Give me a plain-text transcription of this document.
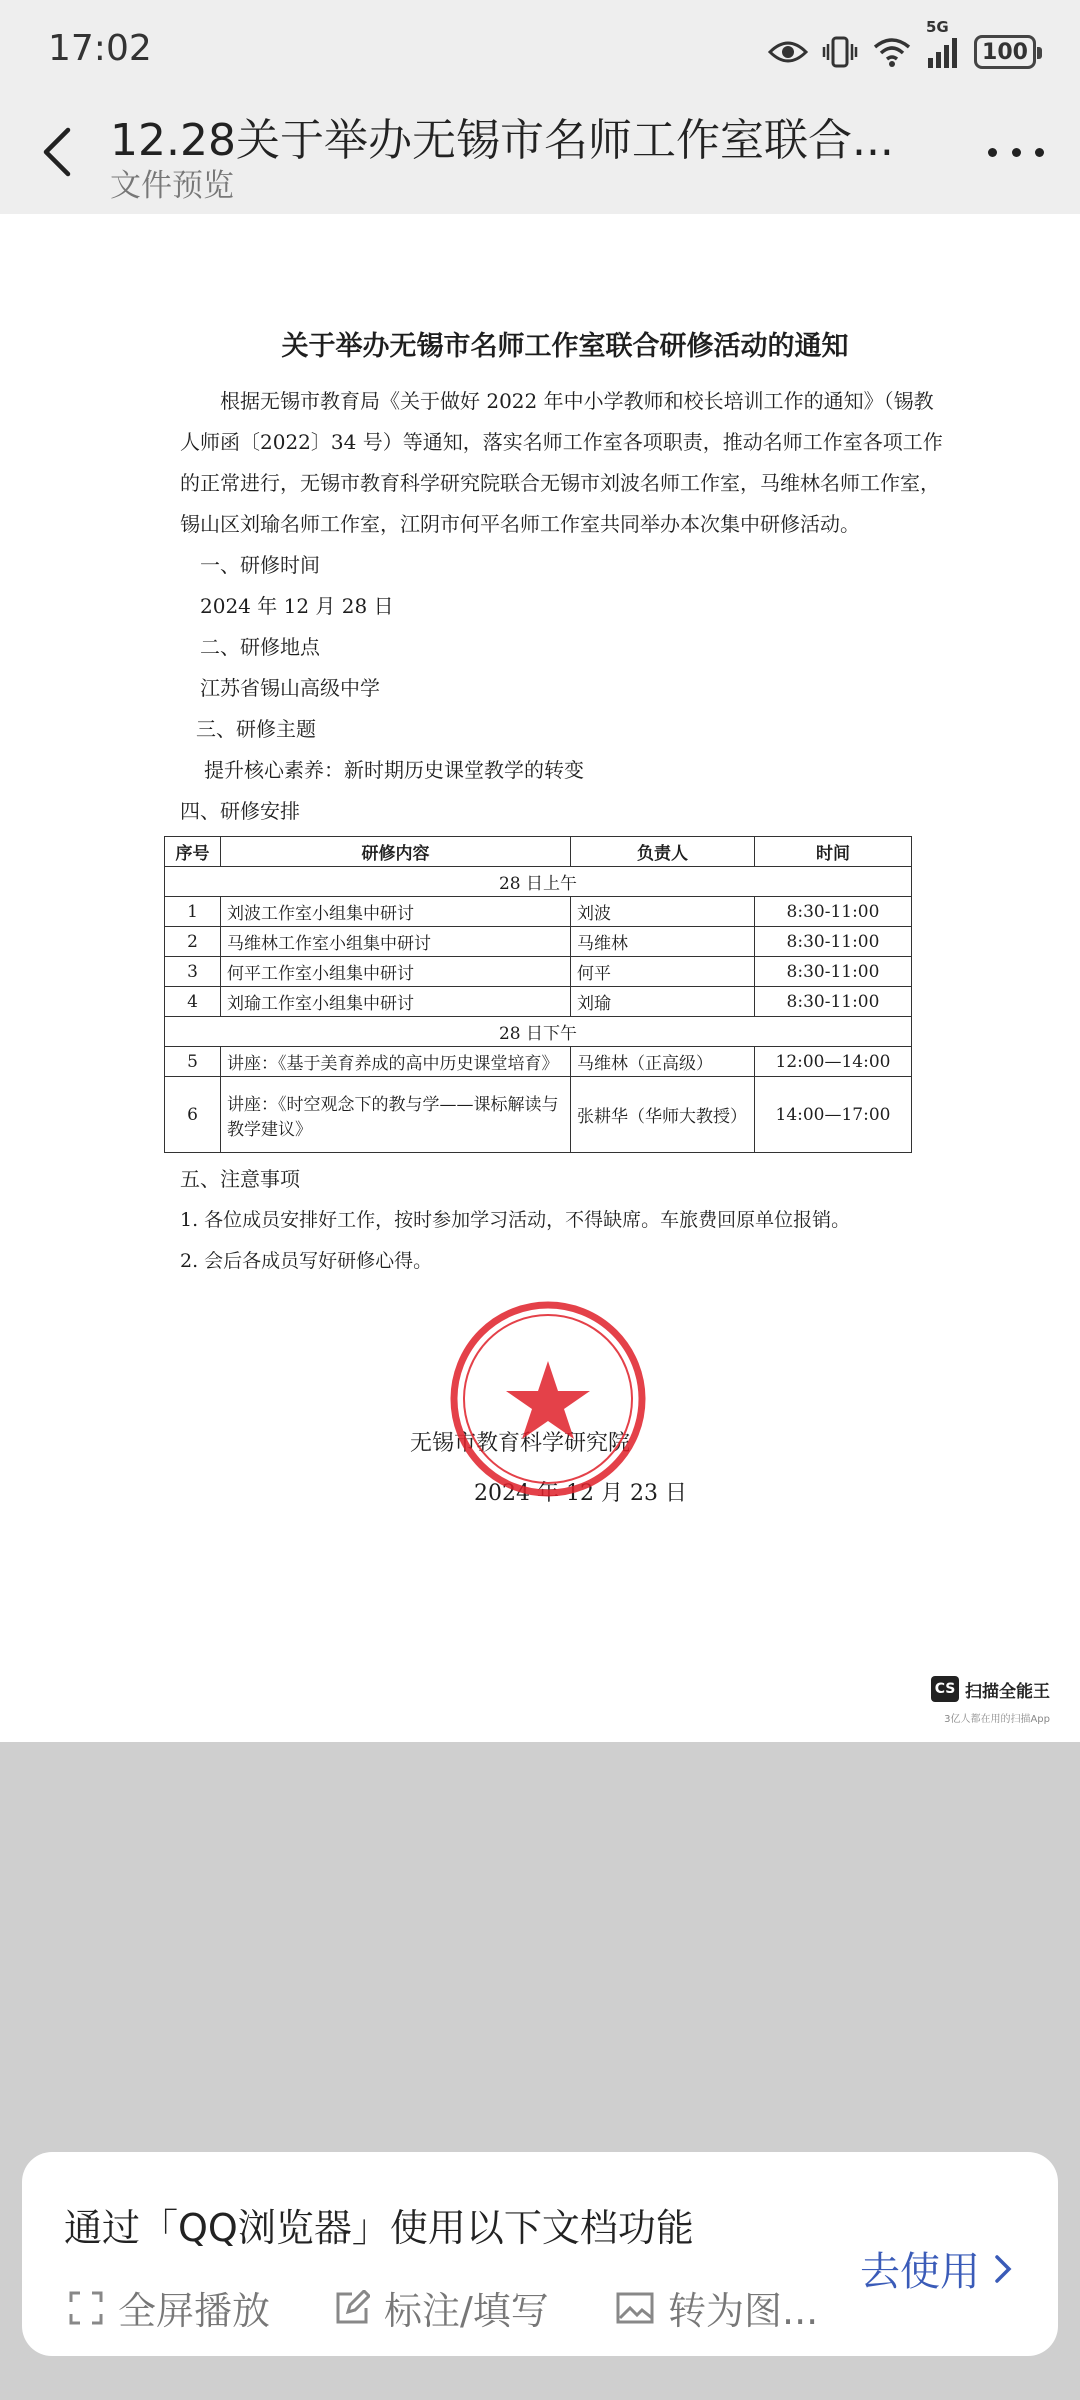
17:02
5G
100
12.28关于举办无锡市名师工作室联合...
文件预览
关于举办无锡市名师工作室联合研修活动的通知
根据无锡市教育局《关于做好 2022 年中小学教师和校长培训工作的通知》（锡教人师函〔2022〕34 号）等通知，落实名师工作室各项职责，推动名师工作室各项工作的正常进行，无锡市教育科学研究院联合无锡市刘波名师工作室，马维林名师工作室，锡山区刘瑜名师工作室，江阴市何平名师工作室共同举办本次集中研修活动。
一、研修时间
2024 年 12 月 28 日
二、研修地点
江苏省锡山高级中学
三、研修主题
提升核心素养：新时期历史课堂教学的转变
四、研修安排
序号	研修内容	负责人	时间
28 日上午			
1	刘波工作室小组集中研讨	刘波	8:30-11:00
2	马维林工作室小组集中研讨	马维林	8:30-11:00
3	何平工作室小组集中研讨	何平	8:30-11:00
4	刘瑜工作室小组集中研讨	刘瑜	8:30-11:00
28 日下午			
5	讲座：《基于美育养成的高中历史课堂培育》	马维林（正高级）	12:00—14:00
6	讲座：《时空观念下的教与学——课标解读与教学建议》	张耕华（华师大教授）	14:00—17:00
五、注意事项
1. 各位成员安排好工作，按时参加学习活动，不得缺席。车旅费回原单位报销。
2. 会后各成员写好研修心得。
无锡市教育科学研究院
2024 年 12 月 23 日
CS 扫描全能王
3亿人都在用的扫描App
通过「QQ浏览器」使用以下文档功能
全屏播放	标注/填写	转为图...
去使用
